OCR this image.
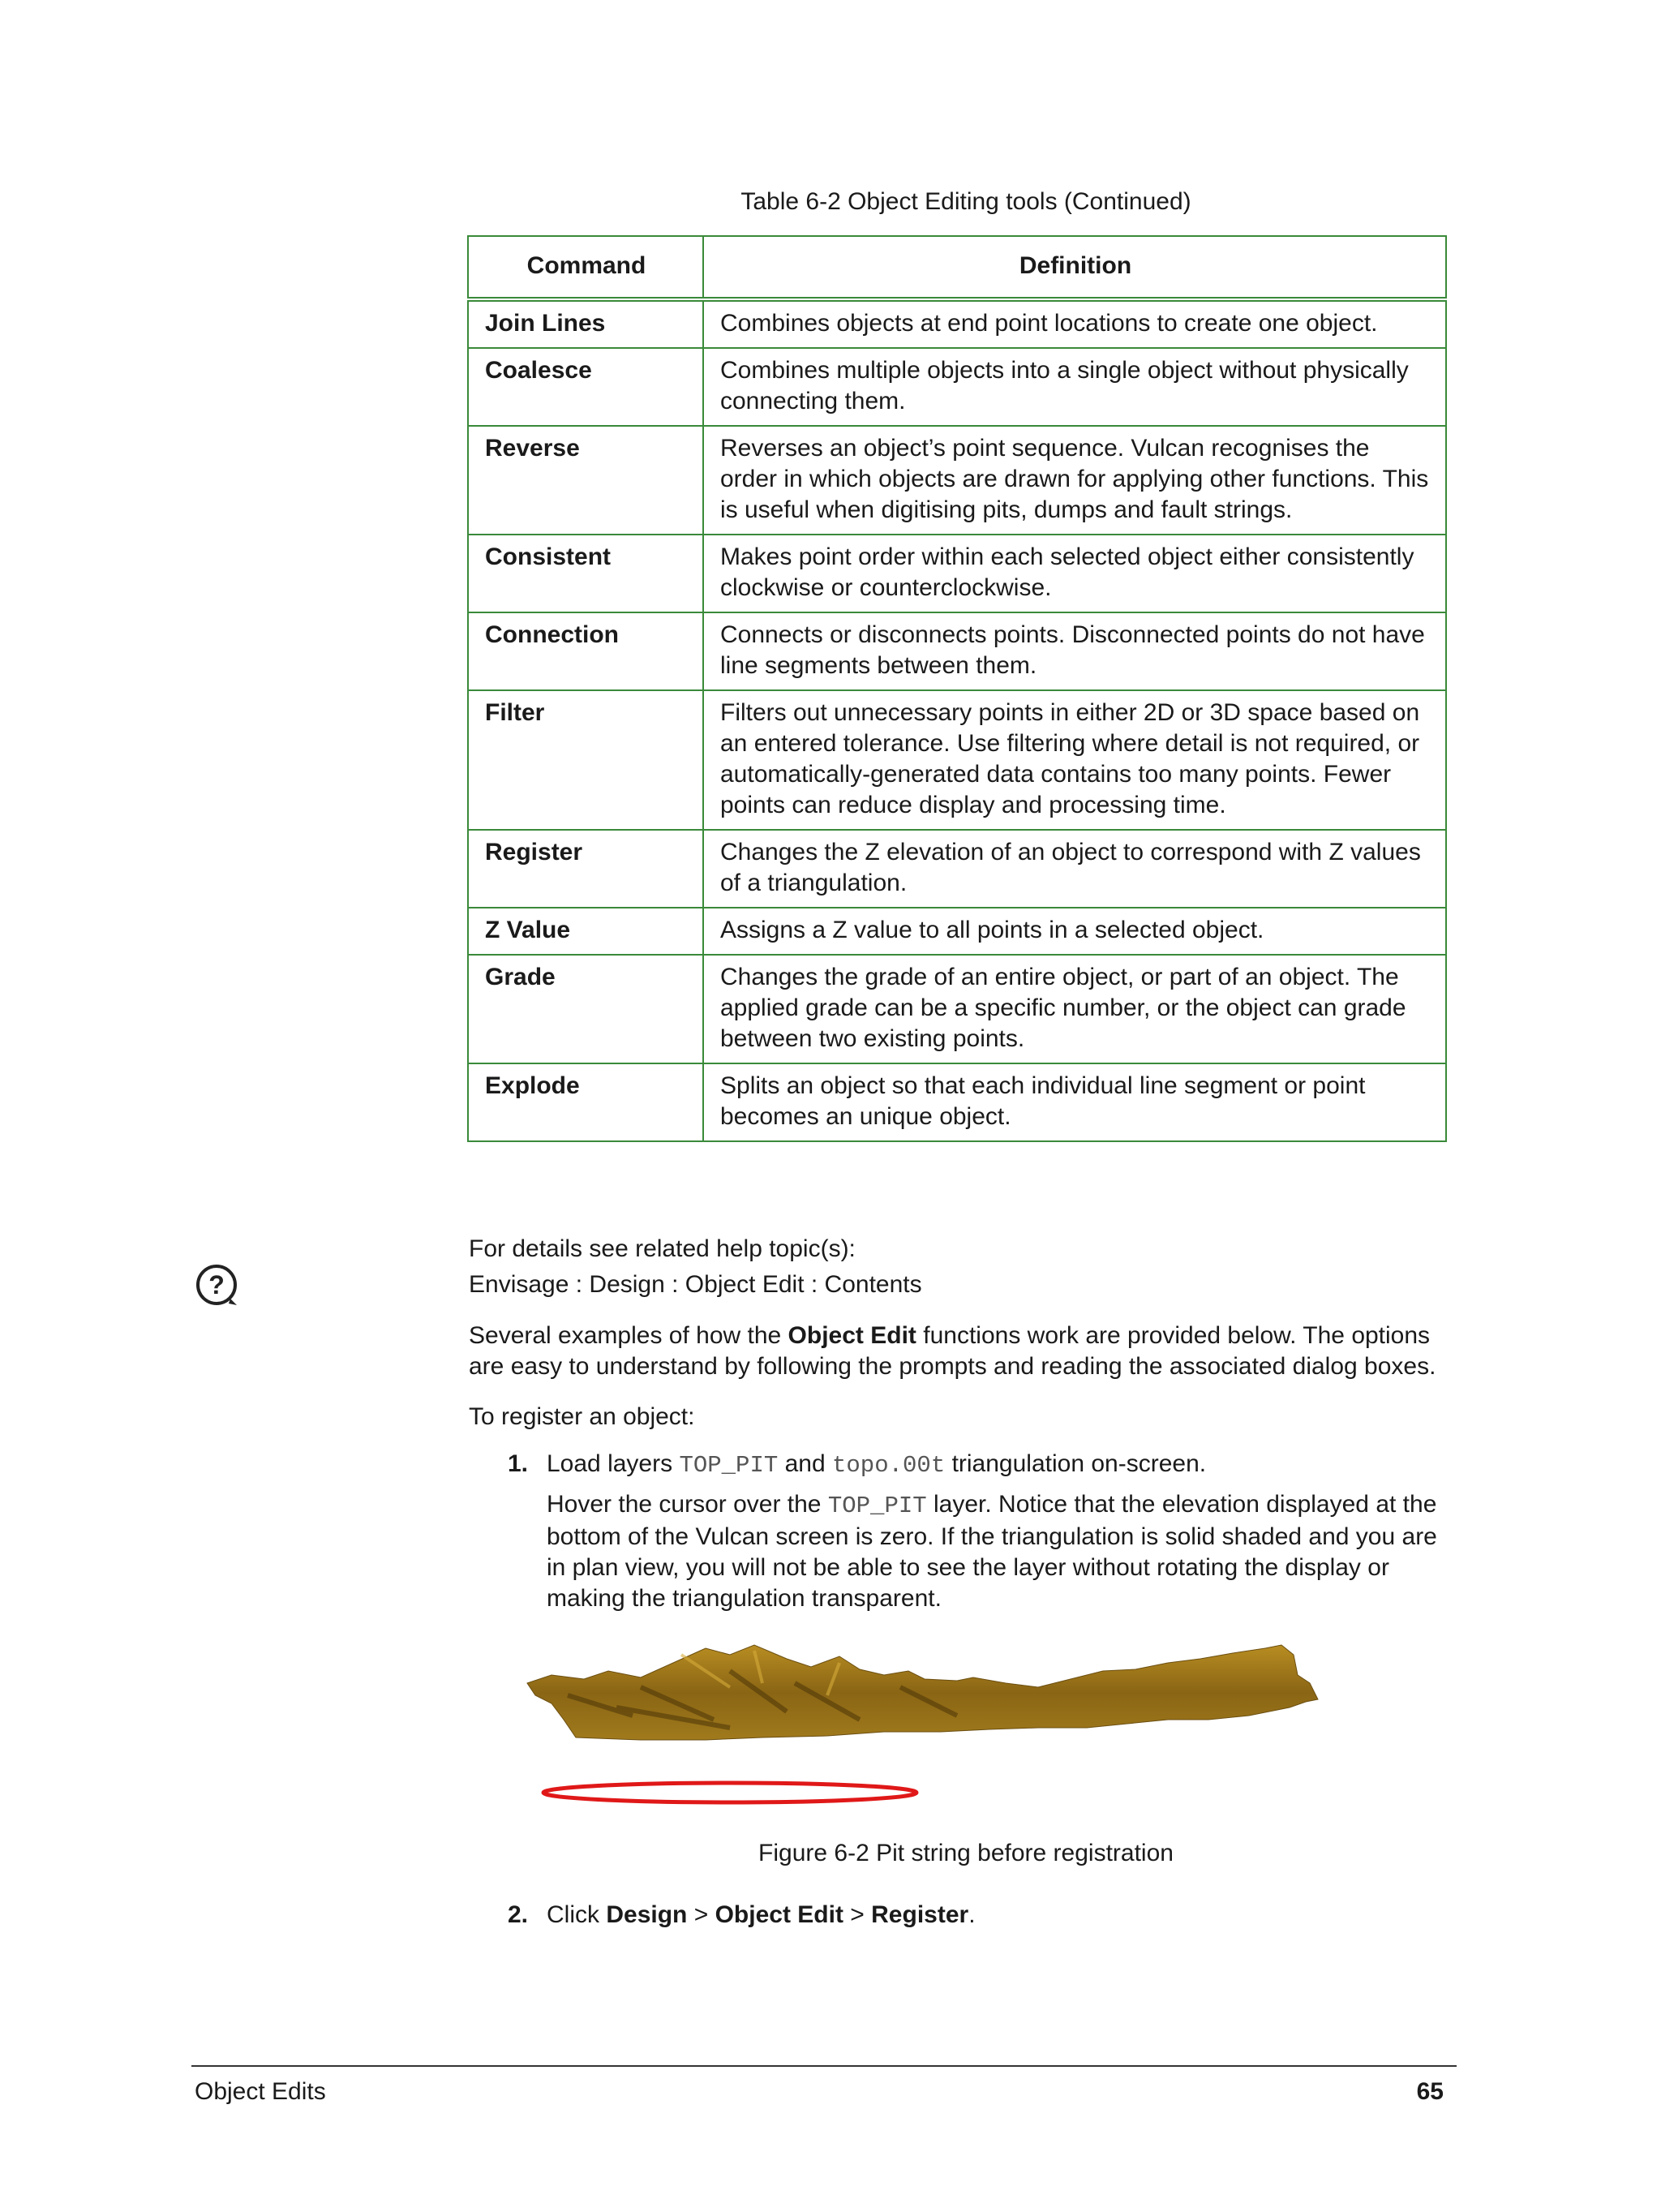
Table 6-2 Object Editing tools (Continued)
Command	Definition
Join Lines	Combines objects at end point locations to create one object.
Coalesce	Combines multiple objects into a single object without physically connecting them.
Reverse	Reverses an object’s point sequence. Vulcan recognises the order in which objects are drawn for applying other functions. This is useful when digitising pits, dumps and fault strings.
Consistent	Makes point order within each selected object either consistently clockwise or counterclockwise.
Connection	Connects or disconnects points. Disconnected points do not have line segments between them.
Filter	Filters out unnecessary points in either 2D or 3D space based on an entered tolerance. Use filtering where detail is not required, or automatically-generated data contains too many points. Fewer points can reduce display and processing time.
Register	Changes the Z elevation of an object to correspond with Z values of a triangulation.
Z Value	Assigns a Z value to all points in a selected object.
Grade	Changes the grade of an entire object, or part of an object. The applied grade can be a specific number, or the object can grade between two existing points.
Explode	Splits an object so that each individual line segment or point becomes an unique object.
?
For details see related help topic(s):
Envisage : Design : Object Edit : Contents
Several examples of how the Object Edit functions work are provided below. The options are easy to understand by following the prompts and reading the associated dialog boxes.
To register an object:
1. Load layers TOP_PIT and topo.00t triangulation on-screen.
Hover the cursor over the TOP_PIT layer. Notice that the elevation displayed at the bottom of the Vulcan screen is zero. If the triangulation is solid shaded and you are in plan view, you will not be able to see the layer without rotating the display or making the triangulation transparent.
Figure 6-2 Pit string before registration
2. Click Design > Object Edit > Register.
Object Edits	65
